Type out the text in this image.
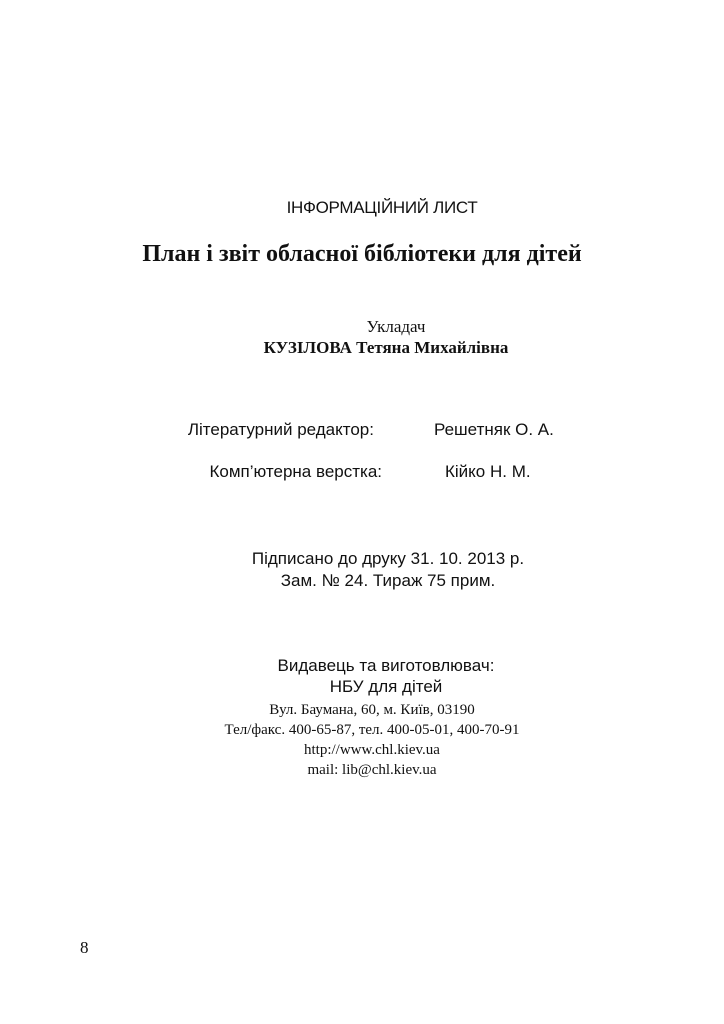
ІНФОРМАЦІЙНИЙ ЛИСТ
План і звіт обласної бібліотеки для дітей
Укладач
КУЗІЛОВА Тетяна Михайлівна
Літературний редактор:	Решетняк О. А.
Комп’ютерна верстка:	Кійко Н. М.
Підписано до друку 31. 10. 2013 р.
Зам. № 24. Тираж 75 прим.
Видавець та виготовлювач:
НБУ для дітей
Вул. Баумана, 60, м. Київ, 03190
Тел/факс. 400-65-87, тел. 400-05-01, 400-70-91
http://www.chl.kiev.ua
mail: lib@chl.kiev.ua
8
